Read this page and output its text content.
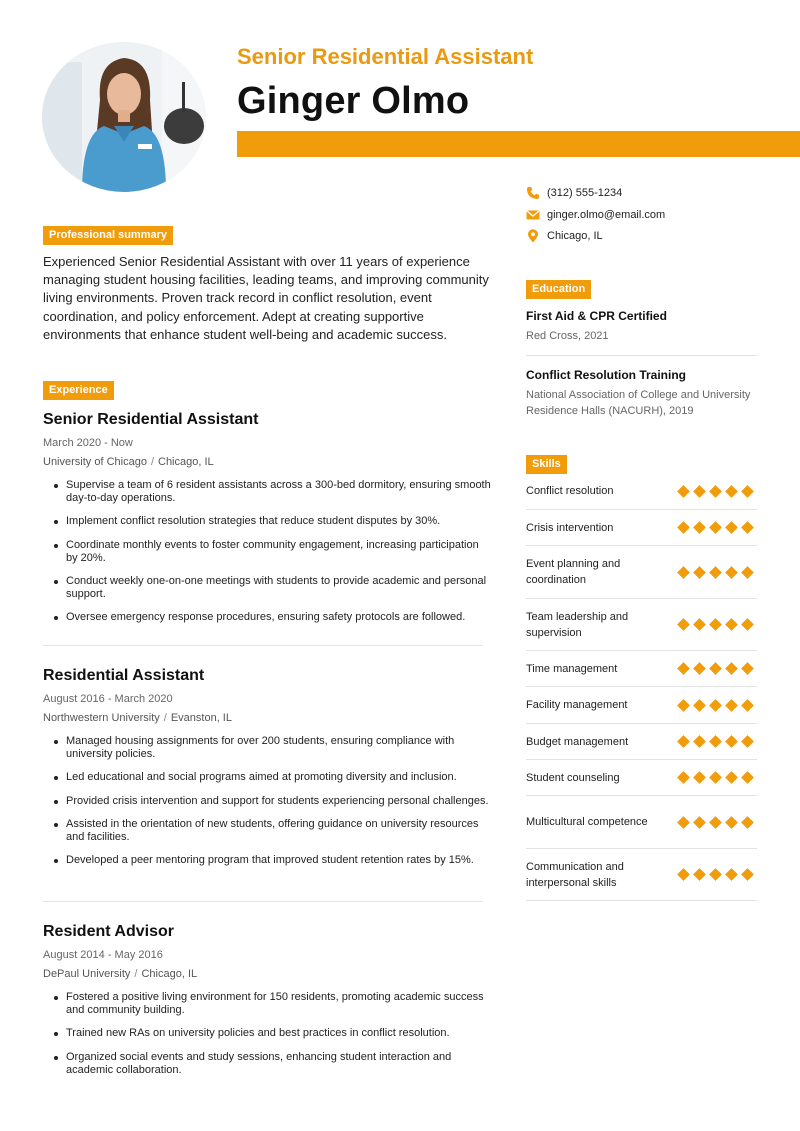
Senior Residential Assistant
Ginger Olmo
(312) 555-1234
ginger.olmo@email.com
Chicago, IL
Professional summary
Experienced Senior Residential Assistant with over 11 years of experience managing student housing facilities, leading teams, and improving community living environments. Proven track record in conflict resolution, event coordination, and policy enforcement. Adept at creating supportive environments that enhance student well-being and academic success.
Experience
Senior Residential Assistant
March 2020 - Now
University of Chicago / Chicago, IL
Supervise a team of 6 resident assistants across a 300-bed dormitory, ensuring smooth day-to-day operations.
Implement conflict resolution strategies that reduce student disputes by 30%.
Coordinate monthly events to foster community engagement, increasing participation by 20%.
Conduct weekly one-on-one meetings with students to provide academic and personal support.
Oversee emergency response procedures, ensuring safety protocols are followed.
Residential Assistant
August 2016 - March 2020
Northwestern University / Evanston, IL
Managed housing assignments for over 200 students, ensuring compliance with university policies.
Led educational and social programs aimed at promoting diversity and inclusion.
Provided crisis intervention and support for students experiencing personal challenges.
Assisted in the orientation of new students, offering guidance on university resources and facilities.
Developed a peer mentoring program that improved student retention rates by 15%.
Resident Advisor
August 2014 - May 2016
DePaul University / Chicago, IL
Fostered a positive living environment for 150 residents, promoting academic success and community building.
Trained new RAs on university policies and best practices in conflict resolution.
Organized social events and study sessions, enhancing student interaction and academic collaboration.
Education
First Aid & CPR Certified
Red Cross, 2021
Conflict Resolution Training
National Association of College and University Residence Halls (NACURH), 2019
Skills
Conflict resolution
Crisis intervention
Event planning and coordination
Team leadership and supervision
Time management
Facility management
Budget management
Student counseling
Multicultural competence
Communication and interpersonal skills
